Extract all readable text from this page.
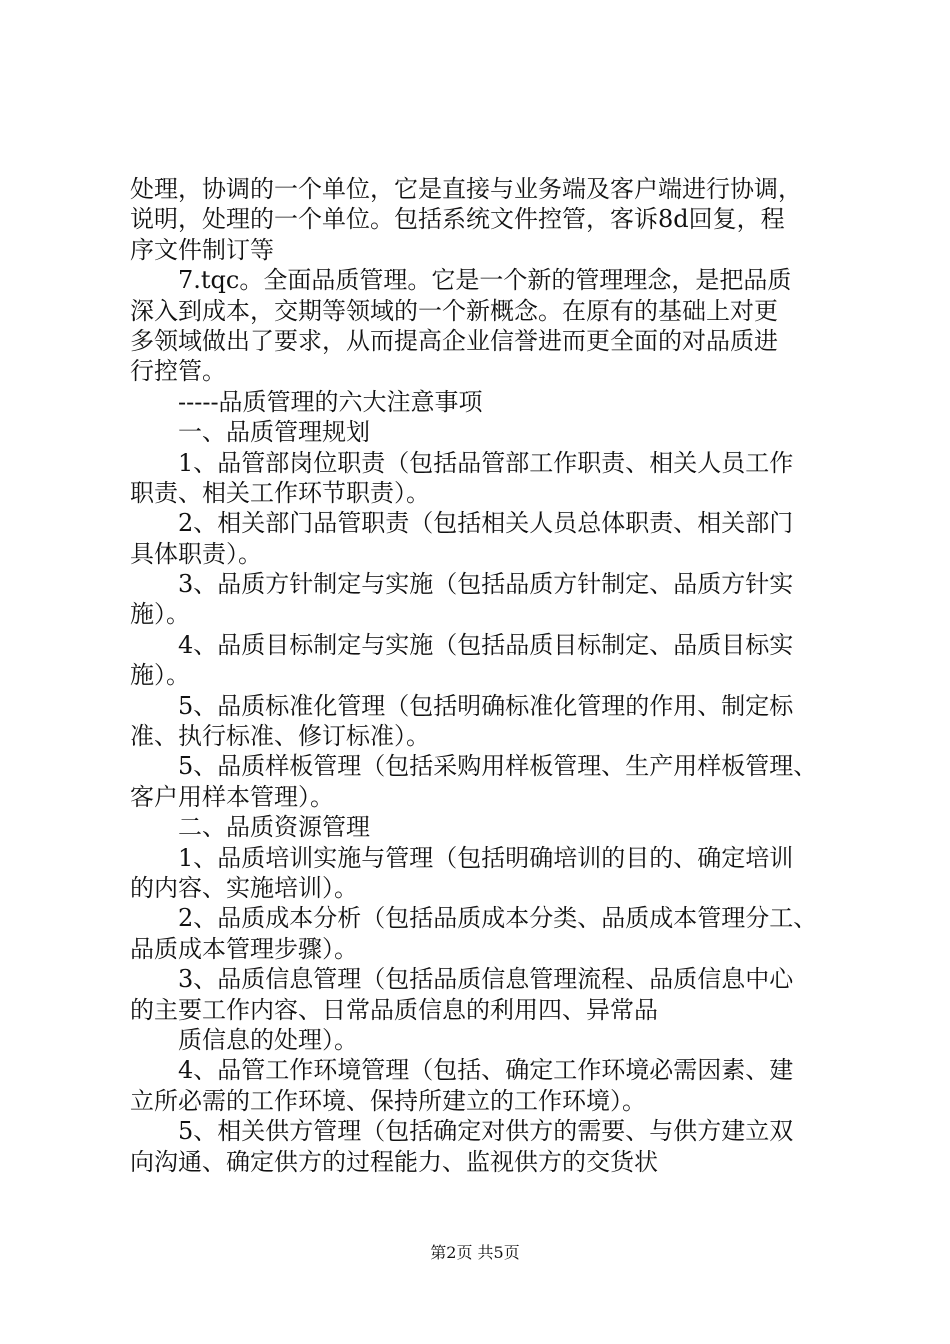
处理，协调的一个单位，它是直接与业务端及客户端进行协调，
说明，处理的一个单位。包括系统文件控管，客诉8d回复，程
序文件制订等
7.tqc。全面品质管理。它是一个新的管理理念，是把品质
深入到成本，交期等领域的一个新概念。在原有的基础上对更
多领域做出了要求，从而提高企业信誉进而更全面的对品质进
行控管。
-----品质管理的六大注意事项
一、品质管理规划
1、品管部岗位职责（包括品管部工作职责、相关人员工作
职责、相关工作环节职责）。
2、相关部门品管职责（包括相关人员总体职责、相关部门
具体职责）。
3、品质方针制定与实施（包括品质方针制定、品质方针实
施）。
4、品质目标制定与实施（包括品质目标制定、品质目标实
施）。
5、品质标准化管理（包括明确标准化管理的作用、制定标
准、执行标准、修订标准）。
5、品质样板管理（包括采购用样板管理、生产用样板管理、
客户用样本管理）。
二、品质资源管理
1、品质培训实施与管理（包括明确培训的目的、确定培训
的内容、实施培训）。
2、品质成本分析（包括品质成本分类、品质成本管理分工、
品质成本管理步骤）。
3、品质信息管理（包括品质信息管理流程、品质信息中心
的主要工作内容、日常品质信息的利用四、异常品
质信息的处理）。
4、品管工作环境管理（包括、确定工作环境必需因素、建
立所必需的工作环境、保持所建立的工作环境）。
5、相关供方管理（包括确定对供方的需要、与供方建立双
向沟通、确定供方的过程能力、监视供方的交货状
第2页 共5页
